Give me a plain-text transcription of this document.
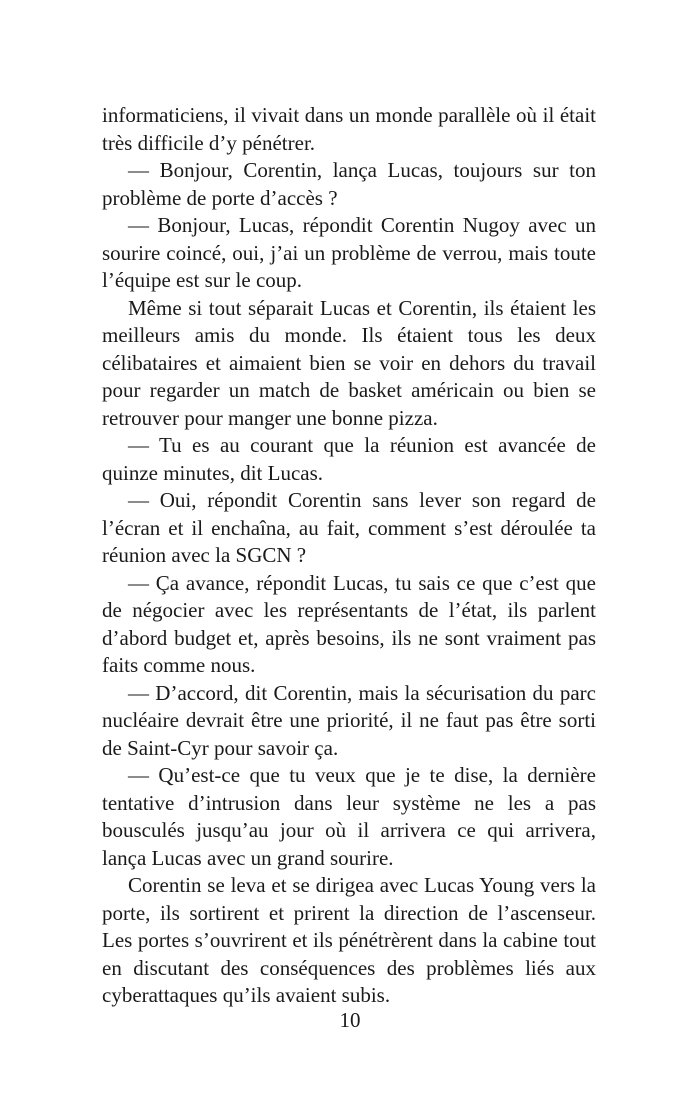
informaticiens, il vivait dans un monde parallèle où il était très difficile d’y pénétrer.

— Bonjour, Corentin, lança Lucas, toujours sur ton problème de porte d’accès ?

— Bonjour, Lucas, répondit Corentin Nugoy avec un sourire coincé, oui, j’ai un problème de verrou, mais toute l’équipe est sur le coup.

Même si tout séparait Lucas et Corentin, ils étaient les meilleurs amis du monde. Ils étaient tous les deux célibataires et aimaient bien se voir en dehors du travail pour regarder un match de basket américain ou bien se retrouver pour manger une bonne pizza.

— Tu es au courant que la réunion est avancée de quinze minutes, dit Lucas.

— Oui, répondit Corentin sans lever son regard de l’écran et il enchaîna, au fait, comment s’est déroulée ta réunion avec la SGCN ?

— Ça avance, répondit Lucas, tu sais ce que c’est que de négocier avec les représentants de l’état, ils parlent d’abord budget et, après besoins, ils ne sont vraiment pas faits comme nous.

— D’accord, dit Corentin, mais la sécurisation du parc nucléaire devrait être une priorité, il ne faut pas être sorti de Saint-Cyr pour savoir ça.

— Qu’est-ce que tu veux que je te dise, la dernière tentative d’intrusion dans leur système ne les a pas bousculés jusqu’au jour où il arrivera ce qui arrivera, lança Lucas avec un grand sourire.

Corentin se leva et se dirigea avec Lucas Young vers la porte, ils sortirent et prirent la direction de l’ascenseur. Les portes s’ouvrirent et ils pénétrèrent dans la cabine tout en discutant des conséquences des problèmes liés aux cyberattaques qu’ils avaient subis.

10
